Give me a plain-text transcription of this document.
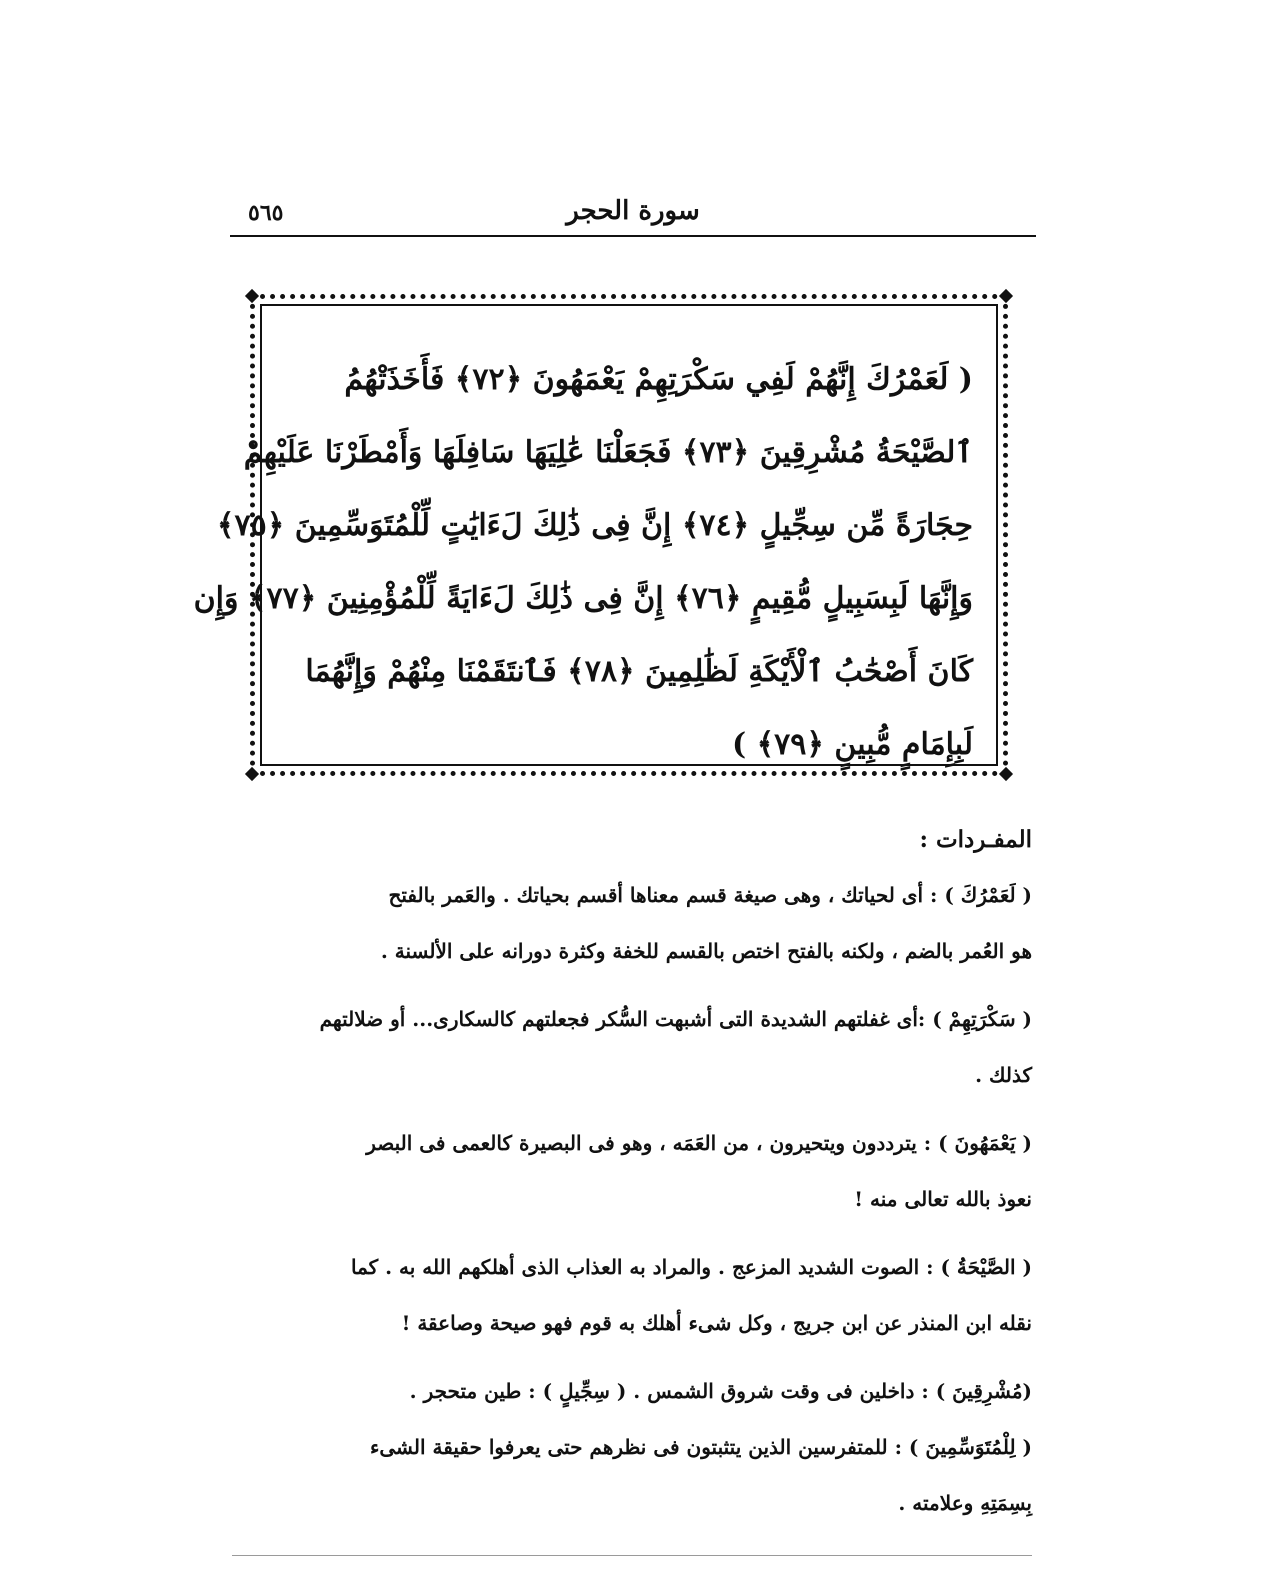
٥٦٥	سورة الحجر
( لَعَمْرُكَ إِنَّهُمْ لَفِي سَكْرَتِهِمْ يَعْمَهُونَ ﴿٧٢﴾ فَأَخَذَتْهُمُ
ٱلصَّيْحَةُ مُشْرِقِينَ ﴿٧٣﴾ فَجَعَلْنَا عَٰلِيَهَا سَافِلَهَا وَأَمْطَرْنَا عَلَيْهِمْ
حِجَارَةً مِّن سِجِّيلٍ ﴿٧٤﴾ إِنَّ فِى ذَٰلِكَ لَءَايَٰتٍ لِّلْمُتَوَسِّمِينَ ﴿٧٥﴾
وَإِنَّهَا لَبِسَبِيلٍ مُّقِيمٍ ﴿٧٦﴾ إِنَّ فِى ذَٰلِكَ لَءَايَةً لِّلْمُؤْمِنِينَ ﴿٧٧﴾ وَإِن
كَانَ أَصْحَٰبُ ٱلْأَيْكَةِ لَظَٰلِمِينَ ﴿٧٨﴾ فَٱنتَقَمْنَا مِنْهُمْ وَإِنَّهُمَا
لَبِإِمَامٍ مُّبِينٍ ﴿٧٩﴾ )
المفـردات :
( لَعَمْرُكَ ) : أى لحياتك ، وهى صيغة قسم معناها أقسم بحياتك . والعَمر بالفتح
هو العُمر بالضم ، ولكنه بالفتح اختص بالقسم للخفة وكثرة دورانه على الألسنة .
( سَكْرَتِهِمْ ) :أى غفلتهم الشديدة التى أشبهت السُّكر فجعلتهم كالسكارى... أو ضلالتهم
كذلك .
( يَعْمَهُونَ ) : يترددون ويتحيرون ، من العَمَه ، وهو فى البصيرة كالعمى فى البصر
نعوذ بالله تعالى منه !
( الصَّيْحَةُ ) : الصوت الشديد المزعج . والمراد به العذاب الذى أهلكهم الله به . كما
نقله ابن المنذر عن ابن جريج ، وكل شىء أهلك به قوم فهو صيحة وصاعقة !
(مُشْرِقِينَ ) : داخلين فى وقت شروق الشمس . ( سِجِّيلٍ ) : طين متحجر .
( لِلْمُتَوَسِّمِينَ ) : للمتفرسين الذين يتثبتون فى نظرهم حتى يعرفوا حقيقة الشىء
بِسِمَتِهِ وعلامته .
